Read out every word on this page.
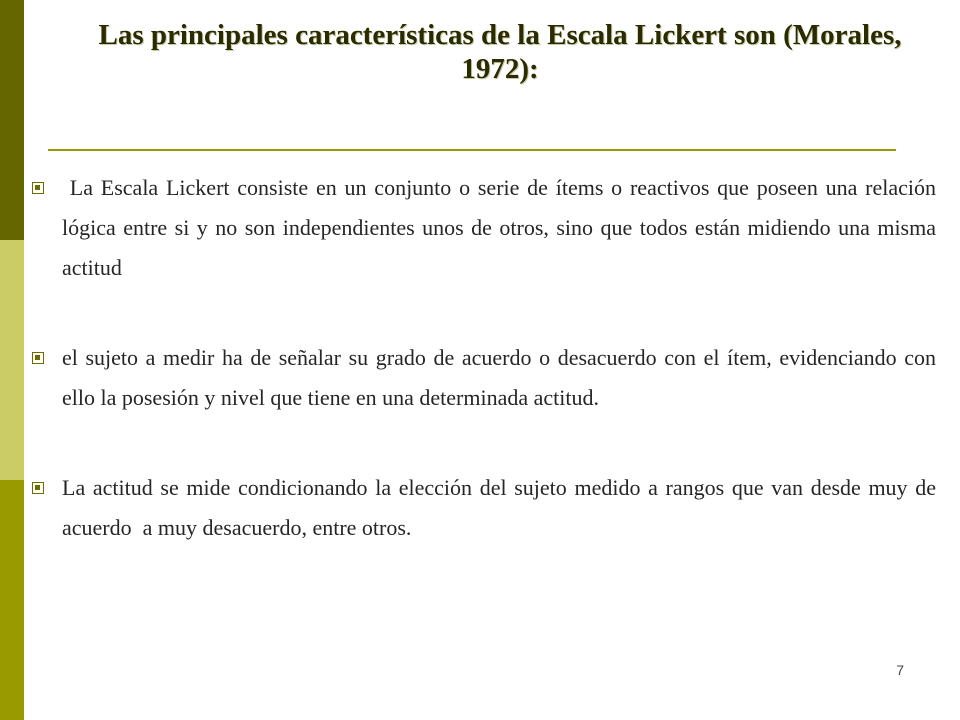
Las principales características de la Escala Lickert son (Morales, 1972):
La Escala Lickert consiste en un conjunto o serie de ítems o reactivos que poseen una relación lógica entre si y no son independientes unos de otros, sino que todos están midiendo una misma actitud
el sujeto a medir ha de señalar su grado de acuerdo o desacuerdo con el ítem, evidenciando con ello la posesión y nivel que tiene en una determinada actitud.
La actitud se mide condicionando la elección del sujeto medido a rangos que van desde muy de acuerdo  a muy desacuerdo, entre otros.
7
